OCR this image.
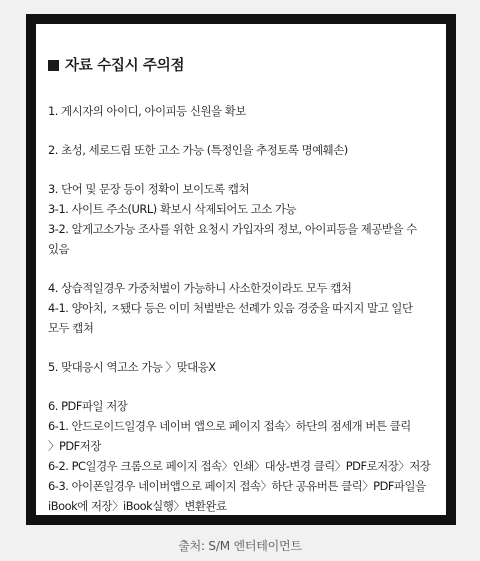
자료 수집시 주의점
1. 게시자의 아이디, 아이피등 신원을 확보
2. 초성, 세로드립 또한 고소 가능 (특정인을 추정토록 명예훼손)
3. 단어 및 문장 등이 정확이 보이도록 캡쳐
3-1. 사이트 주소(URL) 확보시 삭제되어도 고소 가능
3-2. 알게고소가능 조사를 위한 요청시 가입자의 정보, 아이피등을 제공받을 수
있음
4. 상습적일경우 가중처벌이 가능하니 사소한것이라도 모두 캡처
4-1. 양아치, ㅈ됐다 등은 이미 처벌받은 선례가 있음 경중을 따지지 말고 일단
모두 캡쳐
5. 맞대응시 역고소 가능 〉맞대응X
6. PDF파일 저장
6-1. 안드로이드일경우 네이버 앱으로 페이지 접속〉하단의 점세개 버튼 클릭
〉PDF저장
6-2. PC일경우 크롬으로 페이지 접속〉인쇄〉대상-변경 클릭〉PDF로저장〉저장
6-3. 아이폰일경우 네이버앱으로 페이지 접속〉하단 공유버튼 클릭〉PDF파일을
iBook에 저장〉iBook실행〉변환완료
출처: S/M 엔터테이먼트
